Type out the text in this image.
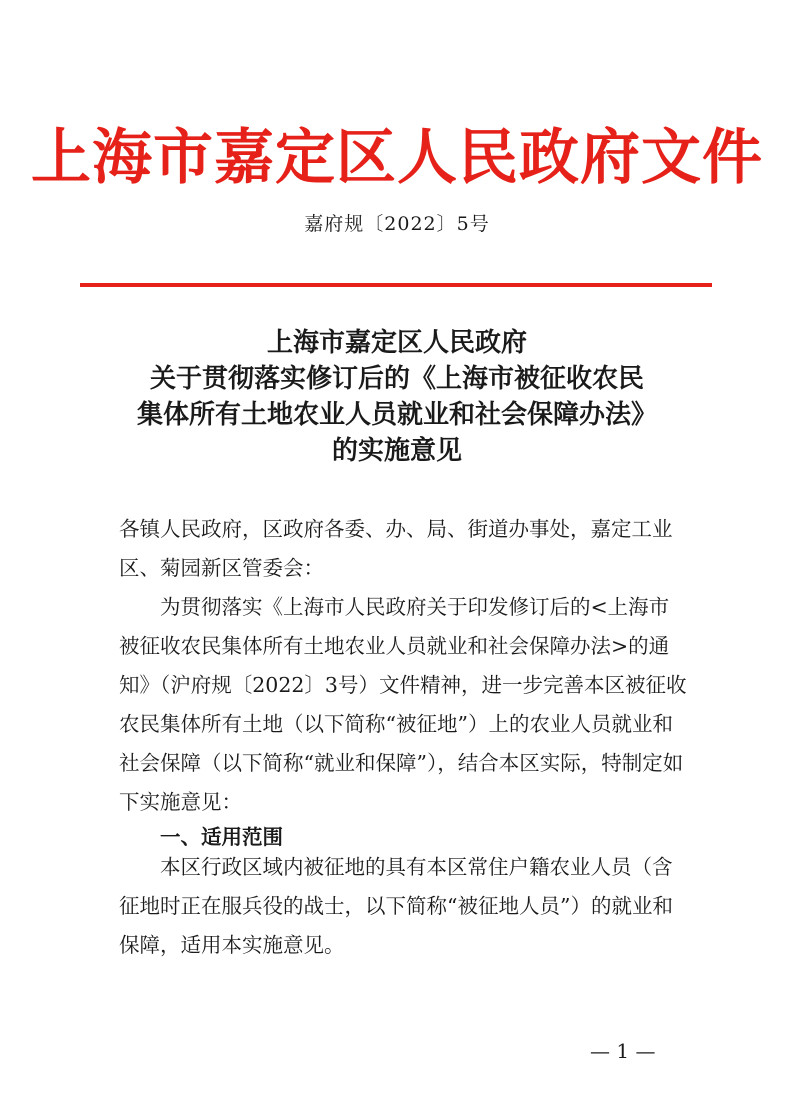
上海市嘉定区人民政府文件
嘉府规〔2022〕5号
上海市嘉定区人民政府
关于贯彻落实修订后的《上海市被征收农民
集体所有土地农业人员就业和社会保障办法》
的实施意见
各镇人民政府，区政府各委、办、局、街道办事处，嘉定工业区、菊园新区管委会：
为贯彻落实《上海市人民政府关于印发修订后的<上海市被征收农民集体所有土地农业人员就业和社会保障办法>的通知》（沪府规〔2022〕3号）文件精神，进一步完善本区被征收农民集体所有土地（以下简称“被征地”）上的农业人员就业和社会保障（以下简称“就业和保障”），结合本区实际，特制定如下实施意见：
一、适用范围
本区行政区域内被征地的具有本区常住户籍农业人员（含征地时正在服兵役的战士，以下简称“被征地人员”）的就业和保障，适用本实施意见。
— 1 —
